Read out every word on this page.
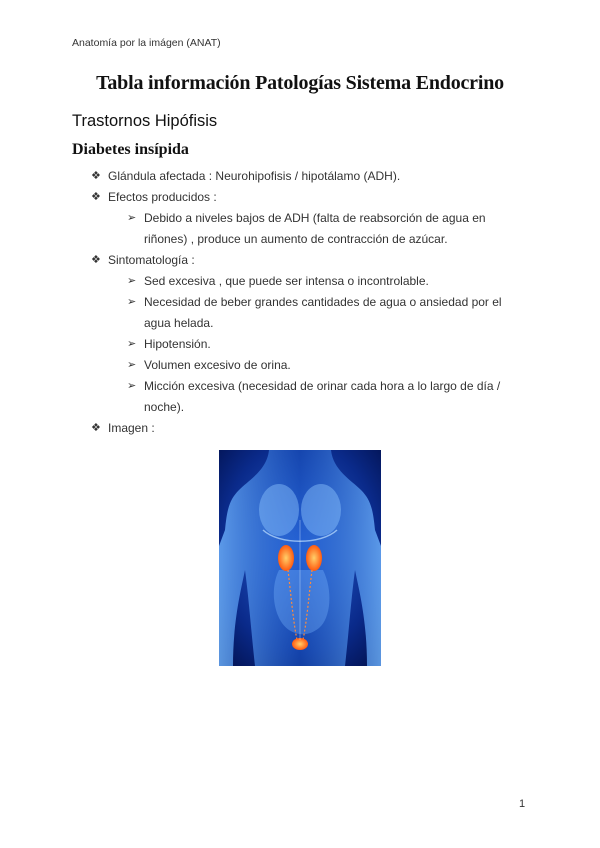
Anatomía por la imágen (ANAT)
Tabla información Patologías Sistema Endocrino
Trastornos Hipófisis
Diabetes insípida
❖ Glándula afectada : Neurohipofisis / hipotálamo (ADH).
❖ Efectos producidos :
➢ Debido a niveles bajos de ADH (falta de reabsorción de agua en riñones) , produce un aumento de contracción de azúcar.
❖ Sintomatología :
➢ Sed excesiva , que puede ser intensa o incontrolable.
➢ Necesidad de beber grandes cantidades de agua o ansiedad por el agua helada.
➢ Hipotensión.
➢ Volumen excesivo de orina.
➢ Micción excesiva (necesidad de orinar cada hora a lo largo de día / noche).
❖ Imagen :
1
